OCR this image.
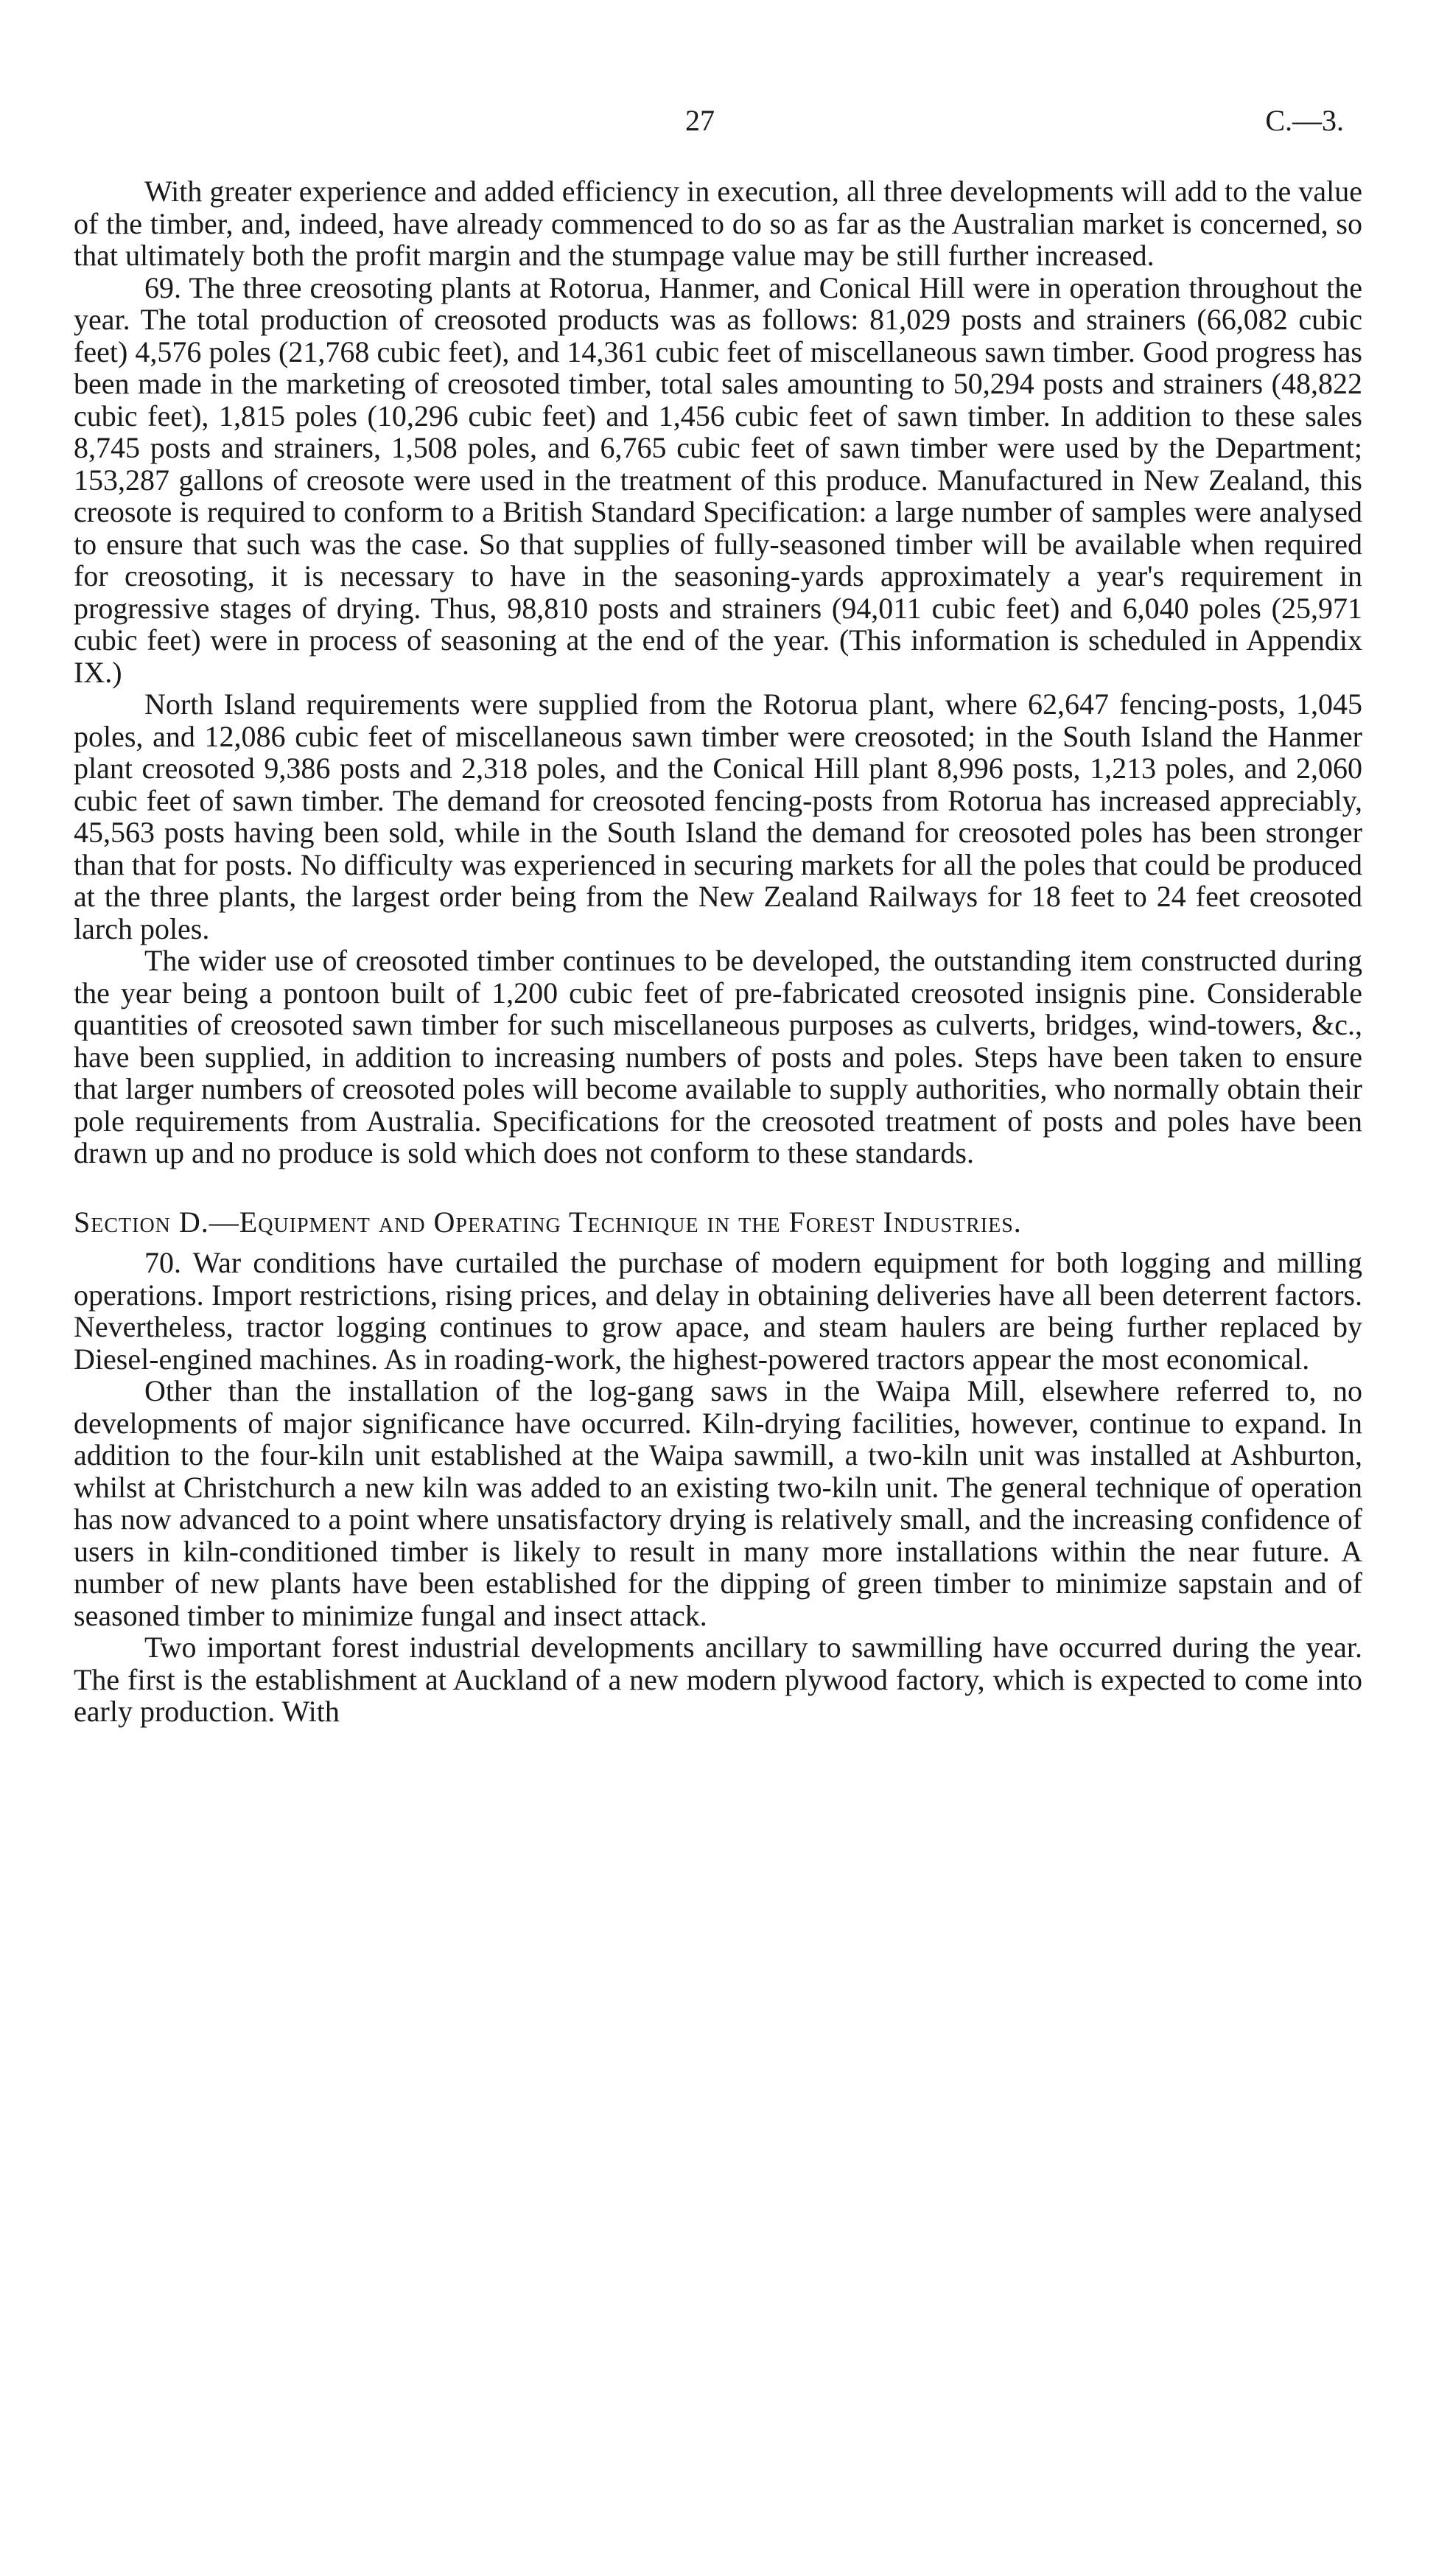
27	C.—3.

With greater experience and added efficiency in execution, all three developments will add to the value of the timber, and, indeed, have already commenced to do so as far as the Australian market is concerned, so that ultimately both the profit margin and the stumpage value may be still further increased.

69. The three creosoting plants at Rotorua, Hanmer, and Conical Hill were in operation throughout the year. The total production of creosoted products was as follows: 81,029 posts and strainers (66,082 cubic feet) 4,576 poles (21,768 cubic feet), and 14,361 cubic feet of miscellaneous sawn timber. Good progress has been made in the marketing of creosoted timber, total sales amounting to 50,294 posts and strainers (48,822 cubic feet), 1,815 poles (10,296 cubic feet) and 1,456 cubic feet of sawn timber. In addition to these sales 8,745 posts and strainers, 1,508 poles, and 6,765 cubic feet of sawn timber were used by the Department; 153,287 gallons of creosote were used in the treatment of this produce. Manufactured in New Zealand, this creosote is required to conform to a British Standard Specification: a large number of samples were analysed to ensure that such was the case. So that supplies of fully-seasoned timber will be available when required for creosoting, it is necessary to have in the seasoning-yards approximately a year's requirement in progressive stages of drying. Thus, 98,810 posts and strainers (94,011 cubic feet) and 6,040 poles (25,971 cubic feet) were in process of seasoning at the end of the year. (This information is scheduled in Appendix IX.)

North Island requirements were supplied from the Rotorua plant, where 62,647 fencing-posts, 1,045 poles, and 12,086 cubic feet of miscellaneous sawn timber were creosoted; in the South Island the Hanmer plant creosoted 9,386 posts and 2,318 poles, and the Conical Hill plant 8,996 posts, 1,213 poles, and 2,060 cubic feet of sawn timber. The demand for creosoted fencing-posts from Rotorua has increased appreciably, 45,563 posts having been sold, while in the South Island the demand for creosoted poles has been stronger than that for posts. No difficulty was experienced in securing markets for all the poles that could be produced at the three plants, the largest order being from the New Zealand Railways for 18 feet to 24 feet creosoted larch poles.

The wider use of creosoted timber continues to be developed, the outstanding item constructed during the year being a pontoon built of 1,200 cubic feet of pre-fabricated creosoted insignis pine. Considerable quantities of creosoted sawn timber for such miscellaneous purposes as culverts, bridges, wind-towers, &c., have been supplied, in addition to increasing numbers of posts and poles. Steps have been taken to ensure that larger numbers of creosoted poles will become available to supply authorities, who normally obtain their pole requirements from Australia. Specifications for the creosoted treatment of posts and poles have been drawn up and no produce is sold which does not conform to these standards.

Section D.—Equipment and Operating Technique in the Forest Industries.

70. War conditions have curtailed the purchase of modern equipment for both logging and milling operations. Import restrictions, rising prices, and delay in obtaining deliveries have all been deterrent factors. Nevertheless, tractor logging continues to grow apace, and steam haulers are being further replaced by Diesel-engined machines. As in roading-work, the highest-powered tractors appear the most economical.

Other than the installation of the log-gang saws in the Waipa Mill, elsewhere referred to, no developments of major significance have occurred. Kiln-drying facilities, however, continue to expand. In addition to the four-kiln unit established at the Waipa sawmill, a two-kiln unit was installed at Ashburton, whilst at Christchurch a new kiln was added to an existing two-kiln unit. The general technique of operation has now advanced to a point where unsatisfactory drying is relatively small, and the increasing confidence of users in kiln-conditioned timber is likely to result in many more installations within the near future. A number of new plants have been established for the dipping of green timber to minimize sapstain and of seasoned timber to minimize fungal and insect attack.

Two important forest industrial developments ancillary to sawmilling have occurred during the year. The first is the establishment at Auckland of a new modern plywood factory, which is expected to come into early production. With
